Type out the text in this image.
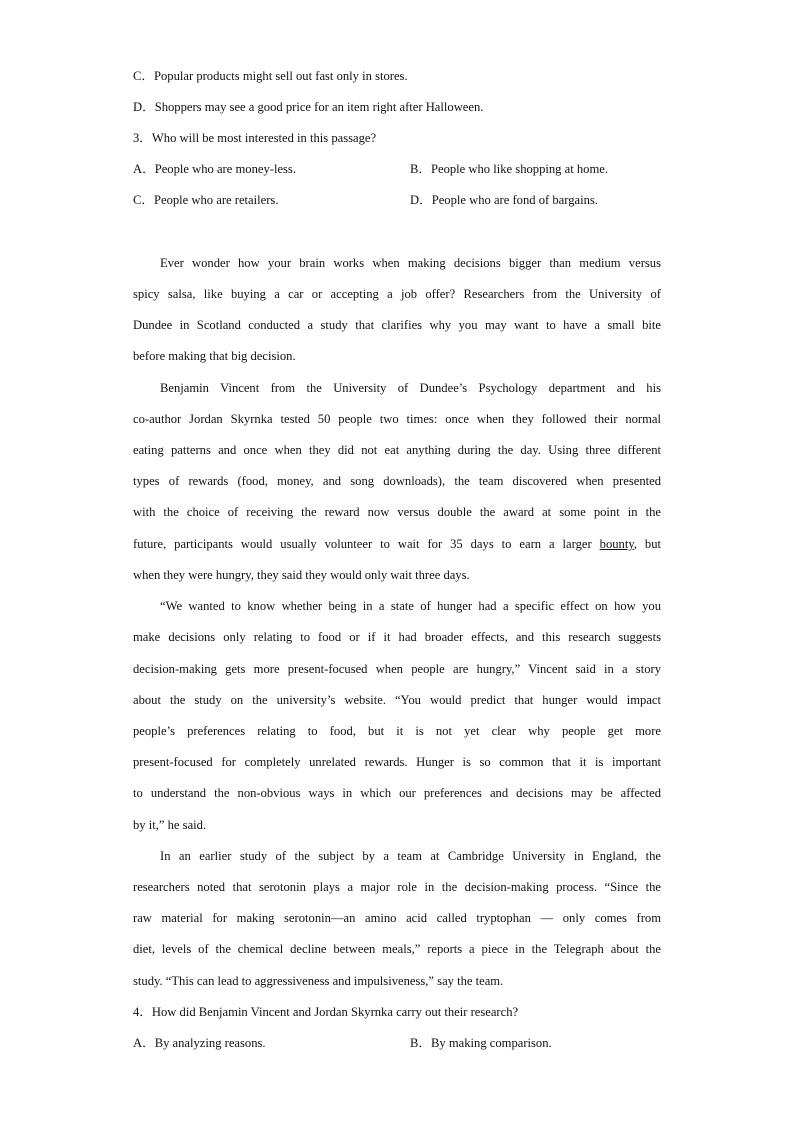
C．Popular products might sell out fast only in stores.
D．Shoppers may see a good price for an item right after Halloween.
3．Who will be most interested in this passage?
A．People who are money-less.	B．People who like shopping at home.
C．People who are retailers.	D．People who are fond of bargains.
Ever wonder how your brain works when making decisions bigger than medium versus
spicy salsa, like buying a car or accepting a job offer? Researchers from the University of
Dundee in Scotland conducted a study that clarifies why you may want to have a small bite
before making that big decision.
Benjamin Vincent from the University of Dundee’s Psychology department and his
co-author Jordan Skyrnka tested 50 people two times: once when they followed their normal
eating patterns and once when they did not eat anything during the day. Using three different
types of rewards (food, money, and song downloads), the team discovered when presented
with the choice of receiving the reward now versus double the award at some point in the
future, participants would usually volunteer to wait for 35 days to earn a larger bounty, but
when they were hungry, they said they would only wait three days.
“We wanted to know whether being in a state of hunger had a specific effect on how you
make decisions only relating to food or if it had broader effects, and this research suggests
decision-making gets more present-focused when people are hungry,” Vincent said in a story
about the study on the university’s website. “You would predict that hunger would impact
people’s preferences relating to food, but it is not yet clear why people get more
present-focused for completely unrelated rewards. Hunger is so common that it is important
to understand the non-obvious ways in which our preferences and decisions may be affected
by it,” he said.
In an earlier study of the subject by a team at Cambridge University in England, the
researchers noted that serotonin plays a major role in the decision-making process. “Since the
raw material for making serotonin—an amino acid called tryptophan — only comes from
diet, levels of the chemical decline between meals,” reports a piece in the Telegraph about the
study. “This can lead to aggressiveness and impulsiveness,” say the team.
4．How did Benjamin Vincent and Jordan Skyrnka carry out their research?
A．By analyzing reasons.	B．By making comparison.
